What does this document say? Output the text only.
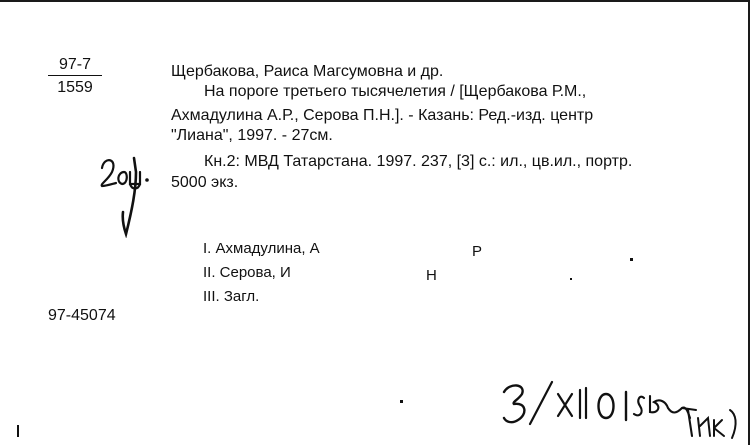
97-7
1559
Щербакова, Раиса Магсумовна и др.
На пороге третьего тысячелетия / [Щербакова Р.М.,
Ахмадулина А.Р., Серова П.Н.]. - Казань: Ред.-изд. центр
"Лиана", 1997. - 27см.
Кн.2: МВД Татарстана. 1997. 237, [3] с.: ил., цв.ил., портр.
5000 экз.
I. Ахмадулина, А
II. Серова, И
III. Загл.
Р
Н
97-45074
